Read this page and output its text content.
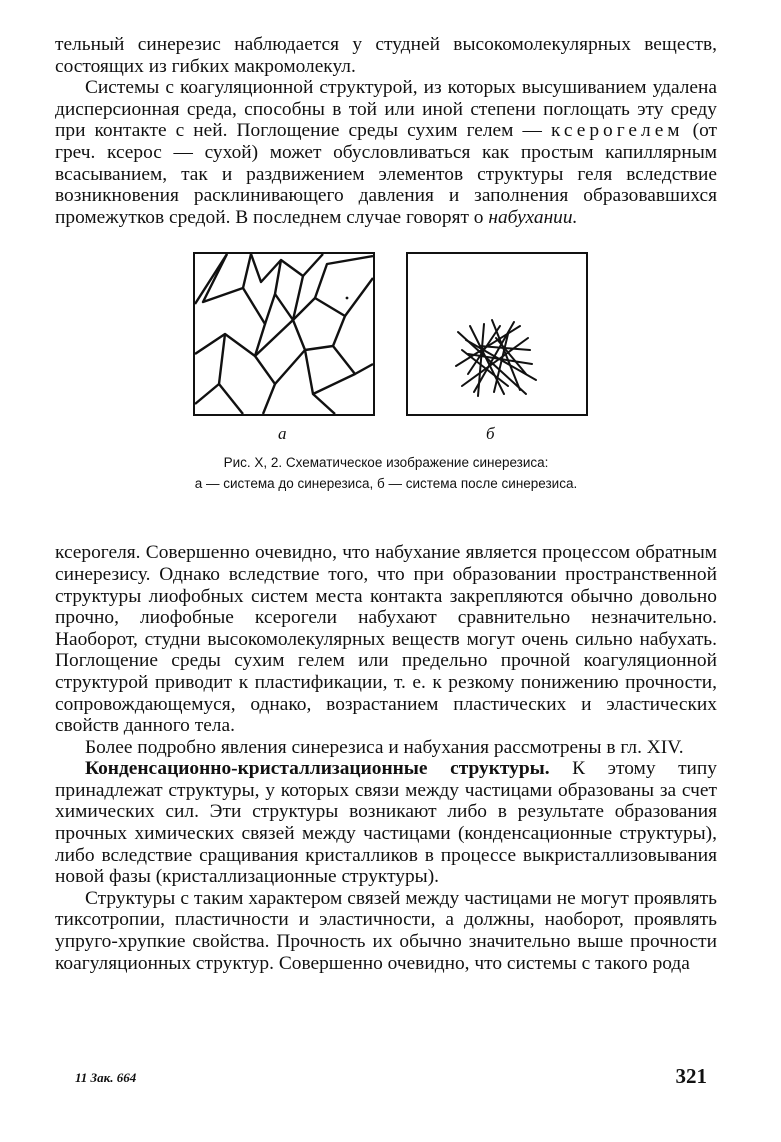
тельный синерезис наблюдается у студней высокомолекулярных веществ, состоящих из гибких макромолекул.

Системы с коагуляционной структурой, из которых высушиванием удалена дисперсионная среда, способны в той или иной степени поглощать эту среду при контакте с ней. Поглощение среды сухим гелем — ксерогелем (от греч. ксерос — сухой) может обусловливаться как простым капиллярным всасыванием, так и раздвижением элементов структуры геля вследствие возникновения расклинивающего давления и заполнения образовавшихся промежутков средой. В последнем случае говорят о набухании.

а	б
Рис. X, 2. Схематическое изображение синерезиса:
а — система до синерезиса, б — система после синерезиса.

ксерогеля. Совершенно очевидно, что набухание является процессом обратным синерезису. Однако вследствие того, что при образовании пространственной структуры лиофобных систем места контакта закрепляются обычно довольно прочно, лиофобные ксерогели набухают сравнительно незначительно. Наоборот, студни высокомолекулярных веществ могут очень сильно набухать. Поглощение среды сухим гелем или предельно прочной коагуляционной структурой приводит к пластификации, т. е. к резкому понижению прочности, сопровождающемуся, однако, возрастанием пластических и эластических свойств данного тела.

Более подробно явления синерезиса и набухания рассмотрены в гл. XIV.

Конденсационно-кристаллизационные структуры. К этому типу принадлежат структуры, у которых связи между частицами образованы за счет химических сил. Эти структуры возникают либо в результате образования прочных химических связей между частицами (конденсационные структуры), либо вследствие сращивания кристалликов в процессе выкристаллизовывания новой фазы (кристаллизационные структуры).

Структуры с таким характером связей между частицами не могут проявлять тиксотропии, пластичности и эластичности, а должны, наоборот, проявлять упруго-хрупкие свойства. Прочность их обычно значительно выше прочности коагуляционных структур. Совершенно очевидно, что системы с такого рода

11 Зак. 664	321
